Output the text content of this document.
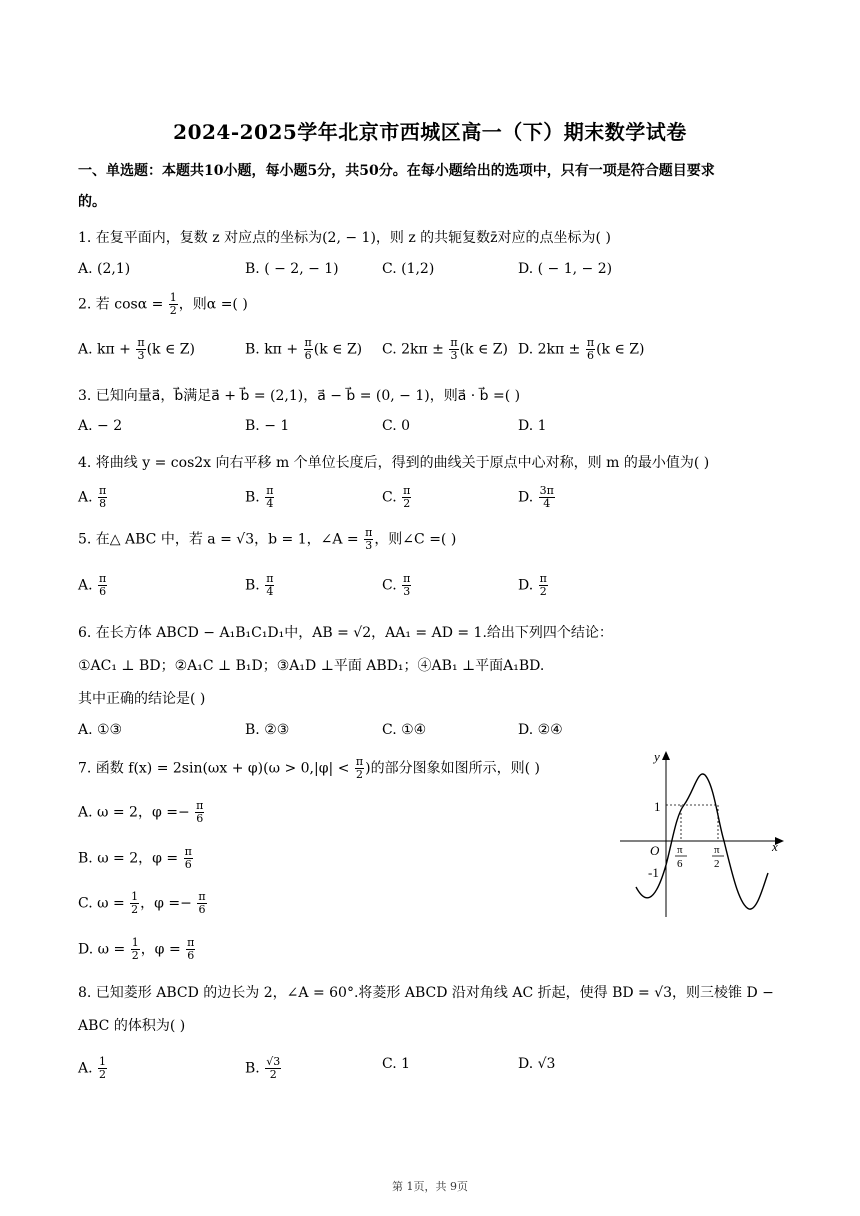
2024-2025学年北京市西城区高一（下）期末数学试卷
一、单选题：本题共10小题，每小题5分，共50分。在每小题给出的选项中，只有一项是符合题目要求
的。
1. 在复平面内，复数 z 对应点的坐标为(2, − 1)，则 z 的共轭复数z̄对应的点坐标为( )
A. (2,1)	B. ( − 2, − 1)	C. (1,2)	D. ( − 1, − 2)
2. 若 $\cos\alpha = \frac{1}{2}$ ，则α =( )
A. $k\pi + \frac{\pi}{3} (k$ ∈ Z)	B. $k\pi + \frac{\pi}{6} (k$ ∈ Z) C. $2k\pi \pm \frac{\pi}{3} (k$ ∈ Z) D. $2k\pi \pm \frac{\pi}{6} (k$ ∈ Z)
3. 已知向量a⃗，b⃗满足a⃗ + b⃗ = (2,1)，a⃗ − b⃗ = (0, − 1)，则a⃗ · b⃗ =( )
A. − 2	B. − 1	C. 0	D. 1
4. 将曲线 y = cos2x 向右平移 m 个单位长度后，得到的曲线关于原点中心对称，则 m 的最小值为( )
A. $\frac{\pi}{8}$	B. $\frac{\pi}{4}$	C. $\frac{\pi}{2}$	D. $\frac{3\pi}{4}$
5. 在△ ABC 中，若 a = √3，b = 1，∠A = $\frac{\pi}{3}$ ，则∠C =( )
A. $\frac{\pi}{6}$	B. $\frac{\pi}{4}$	C. $\frac{\pi}{3}$	D. $\frac{\pi}{2}$
6. 在长方体 ABCD − A₁B₁C₁D₁中，AB = √2，AA₁ = AD = 1.给出下列四个结论：
①AC₁ ⊥ BD；②A₁C ⊥ B₁D；③A₁D ⊥平面 ABD₁；④AB₁ ⊥平面A₁BD.
其中正确的结论是( )
A. ①③	B. ②③	C. ①④	D. ②④
7. 函数 $f(x) = 2\sin(\omega x + \varphi)(\omega > 0,|\varphi| < \frac{\pi}{2}$ )的部分图象如图所示，则( )
A. ω = 2，$\varphi =- \frac{\pi}{6}$
B. ω = 2，$\varphi = \frac{\pi}{6}$
C. $\omega = \frac{1}{2}$ ，$\varphi =- \frac{\pi}{6}$
D. $\omega = \frac{1}{2}$ ，$\varphi = \frac{\pi}{6}$
y
x
O
1
-1
π
6
π
2
8. 已知菱形 ABCD 的边长为 2，∠A = 60°.将菱形 ABCD 沿对角线 AC 折起，使得 BD = √3，则三棱锥 D −
ABC 的体积为( )
A. $\frac{1}{2}$	B. $\frac{√3}{2}$	C. 1	D. √3
第 1页，共 9页
